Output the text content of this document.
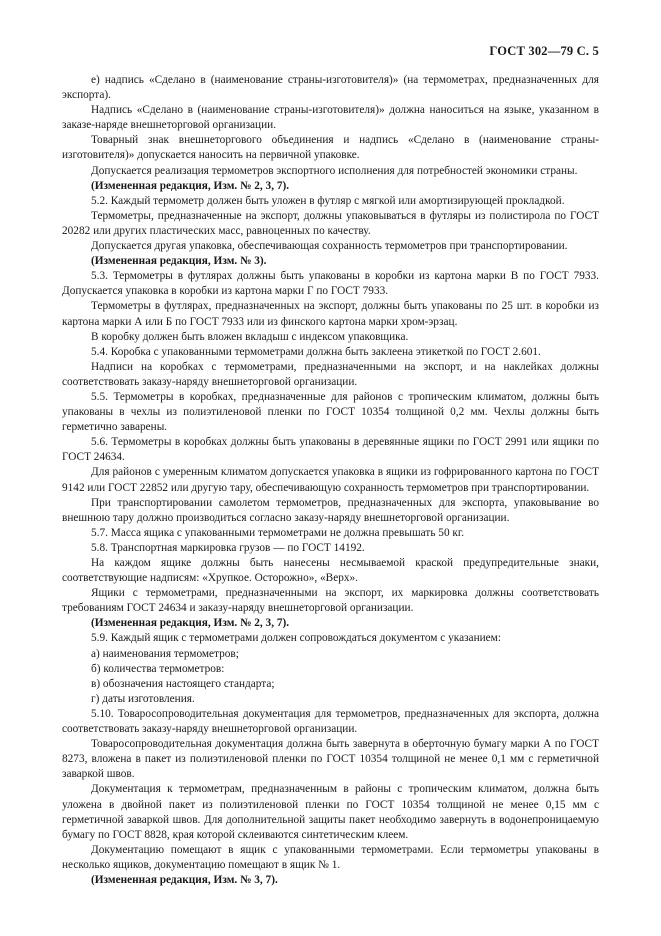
ГОСТ 302—79 С. 5

е) надпись «Сделано в (наименование страны-изготовителя)» (на термометрах, предназначенных для экспорта).

Надпись «Сделано в (наименование страны-изготовителя)» должна наноситься на языке, указанном в заказе-наряде внешнеторговой организации.

Товарный знак внешнеторгового объединения и надпись «Сделано в (наименование страны-изготовителя)» допускается наносить на первичной упаковке.

Допускается реализация термометров экспортного исполнения для потребностей экономики страны.

(Измененная редакция, Изм. № 2, 3, 7).

5.2. Каждый термометр должен быть уложен в футляр с мягкой или амортизирующей прокладкой.

Термометры, предназначенные на экспорт, должны упаковываться в футляры из полистирола по ГОСТ 20282 или других пластических масс, равноценных по качеству.

Допускается другая упаковка, обеспечивающая сохранность термометров при транспортировании.

(Измененная редакция, Изм. № 3).

5.3. Термометры в футлярах должны быть упакованы в коробки из картона марки В по ГОСТ 7933. Допускается упаковка в коробки из картона марки Г по ГОСТ 7933.

Термометры в футлярах, предназначенных на экспорт, должны быть упакованы по 25 шт. в коробки из картона марки А или Б по ГОСТ 7933 или из финского картона марки хром-эрзац.

В коробку должен быть вложен вкладыш с индексом упаковщика.

5.4. Коробка с упакованными термометрами должна быть заклеена этикеткой по ГОСТ 2.601.

Надписи на коробках с термометрами, предназначенными на экспорт, и на наклейках должны соответствовать заказу-наряду внешнеторговой организации.

5.5. Термометры в коробках, предназначенные для районов с тропическим климатом, должны быть упакованы в чехлы из полиэтиленовой пленки по ГОСТ 10354 толщиной 0,2 мм. Чехлы должны быть герметично заварены.

5.6. Термометры в коробках должны быть упакованы в деревянные ящики по ГОСТ 2991 или ящики по ГОСТ 24634.

Для районов с умеренным климатом допускается упаковка в ящики из гофрированного картона по ГОСТ 9142 или ГОСТ 22852 или другую тару, обеспечивающую сохранность термометров при транспортировании.

При транспортировании самолетом термометров, предназначенных для экспорта, упаковывание во внешнюю тару должно производиться согласно заказу-наряду внешнеторговой организации.

5.7. Масса ящика с упакованными термометрами не должна превышать 50 кг.

5.8. Транспортная маркировка грузов — по ГОСТ 14192.

На каждом ящике должны быть нанесены несмываемой краской предупредительные знаки, соответствующие надписям: «Хрупкое. Осторожно», «Верх».

Ящики с термометрами, предназначенными на экспорт, их маркировка должны соответствовать требованиям ГОСТ 24634 и заказу-наряду внешнеторговой организации.

(Измененная редакция, Изм. № 2, 3, 7).

5.9. Каждый ящик с термометрами должен сопровождаться документом с указанием:

а) наименования термометров;

б) количества термометров:

в) обозначения настоящего стандарта;

г) даты изготовления.

5.10. Товаросопроводительная документация для термометров, предназначенных для экспорта, должна соответствовать заказу-наряду внешнеторговой организации.

Товаросопроводительная документация должна быть завернута в оберточную бумагу марки А по ГОСТ 8273, вложена в пакет из полиэтиленовой пленки по ГОСТ 10354 толщиной не менее 0,1 мм с герметичной заваркой швов.

Документация к термометрам, предназначенным в районы с тропическим климатом, должна быть уложена в двойной пакет из полиэтиленовой пленки по ГОСТ 10354 толщиной не менее 0,15 мм с герметичной заваркой швов. Для дополнительной защиты пакет необходимо завернуть в водонепроницаемую бумагу по ГОСТ 8828, края которой склеиваются синтетическим клеем.

Документацию помещают в ящик с упакованными термометрами. Если термометры упакованы в несколько ящиков, документацию помещают в ящик № 1.

(Измененная редакция, Изм. № 3, 7).
